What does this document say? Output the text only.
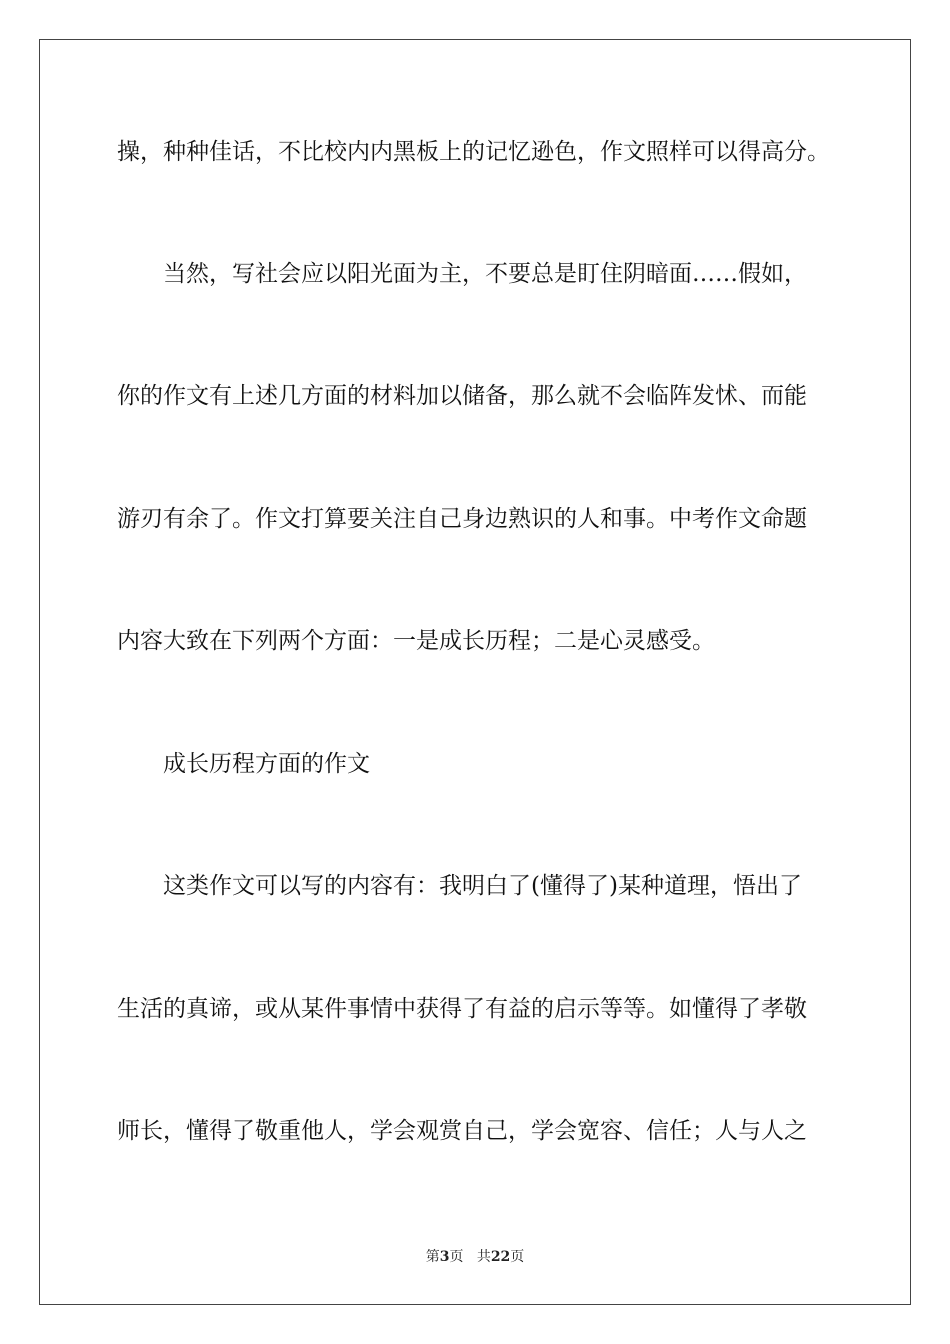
操，种种佳话，不比校内内黑板上的记忆逊色，作文照样可以得高分。
　　当然，写社会应以阳光面为主，不要总是盯住阴暗面……假如，
你的作文有上述几方面的材料加以储备，那么就不会临阵发怵、而能
游刃有余了。作文打算要关注自己身边熟识的人和事。中考作文命题
内容大致在下列两个方面：一是成长历程；二是心灵感受。
　　成长历程方面的作文
　　这类作文可以写的内容有：我明白了(懂得了)某种道理，悟出了
生活的真谛，或从某件事情中获得了有益的启示等等。如懂得了孝敬
师长，懂得了敬重他人，学会观赏自己，学会宽容、信任；人与人之
第3页 共22页
